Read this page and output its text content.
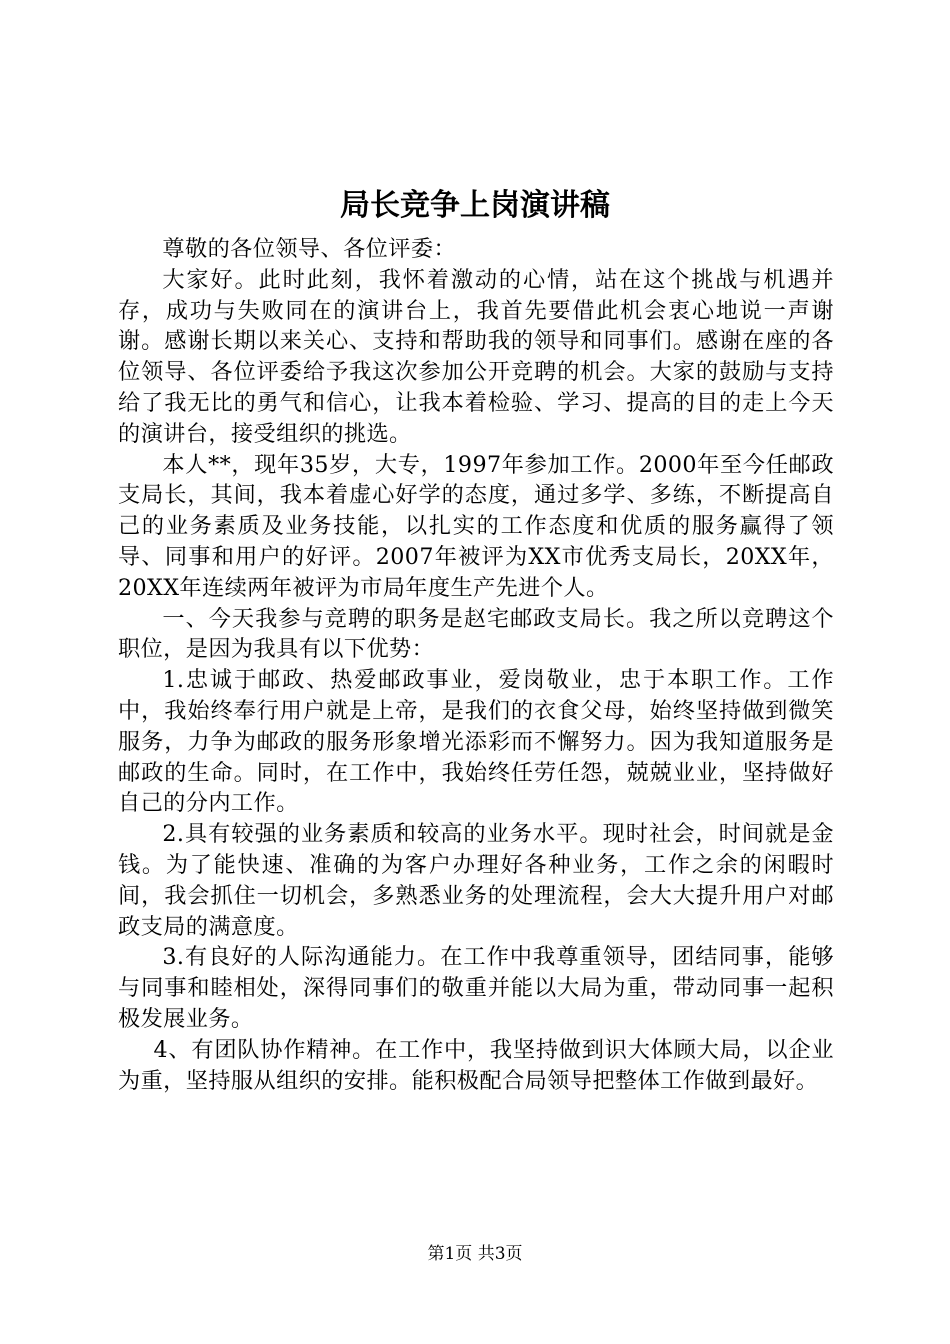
局长竞争上岗演讲稿

尊敬的各位领导、各位评委：

大家好。此时此刻，我怀着激动的心情，站在这个挑战与机遇并存，成功与失败同在的演讲台上，我首先要借此机会衷心地说一声谢谢。感谢长期以来关心、支持和帮助我的领导和同事们。感谢在座的各位领导、各位评委给予我这次参加公开竞聘的机会。大家的鼓励与支持给了我无比的勇气和信心，让我本着检验、学习、提高的目的走上今天的演讲台，接受组织的挑选。

本人**，现年35岁，大专，1997年参加工作。2000年至今任邮政支局长，其间，我本着虚心好学的态度，通过多学、多练，不断提高自己的业务素质及业务技能，以扎实的工作态度和优质的服务赢得了领导、同事和用户的好评。2007年被评为XX市优秀支局长，20XX年，20XX年连续两年被评为市局年度生产先进个人。

一、今天我参与竞聘的职务是赵宅邮政支局长。我之所以竞聘这个职位，是因为我具有以下优势：

1.忠诚于邮政、热爱邮政事业，爱岗敬业，忠于本职工作。工作中，我始终奉行用户就是上帝，是我们的衣食父母，始终坚持做到微笑服务，力争为邮政的服务形象增光添彩而不懈努力。因为我知道服务是邮政的生命。同时，在工作中，我始终任劳任怨，兢兢业业，坚持做好自己的分内工作。

2.具有较强的业务素质和较高的业务水平。现时社会，时间就是金钱。为了能快速、准确的为客户办理好各种业务，工作之余的闲暇时间，我会抓住一切机会，多熟悉业务的处理流程，会大大提升用户对邮政支局的满意度。

3.有良好的人际沟通能力。在工作中我尊重领导，团结同事，能够与同事和睦相处，深得同事们的敬重并能以大局为重，带动同事一起积极发展业务。

4、有团队协作精神。在工作中，我坚持做到识大体顾大局，以企业为重，坚持服从组织的安排。能积极配合局领导把整体工作做到最好。

第1页 共3页
